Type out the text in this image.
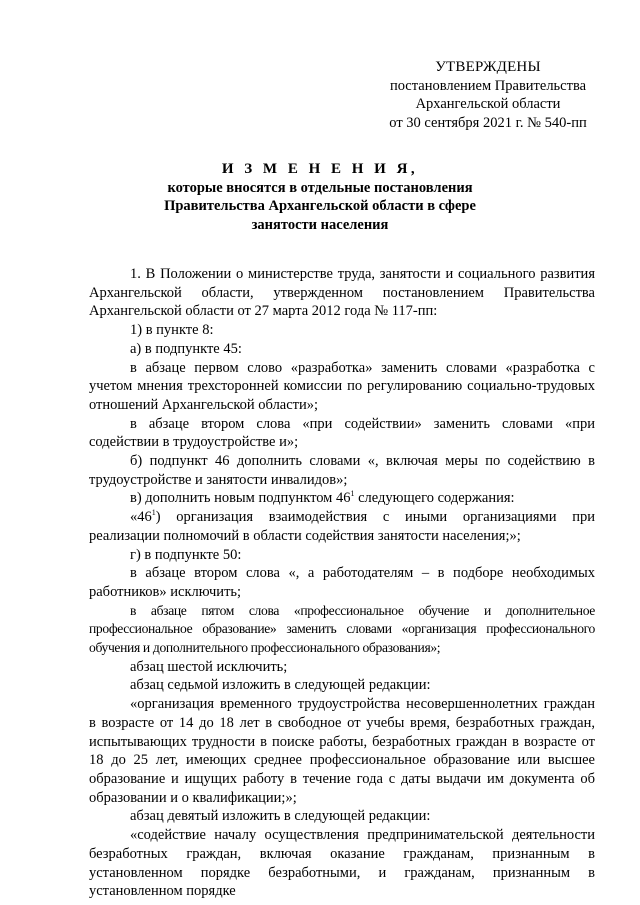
УТВЕРЖДЕНЫ
постановлением Правительства
Архангельской области
от 30 сентября 2021 г. № 540-пп
И З М Е Н Е Н И Я,
которые вносятся в отдельные постановления
Правительства Архангельской области в сфере
занятости населения

1. В Положении о министерстве труда, занятости и социального развития Архангельской области, утвержденном постановлением Правительства Архангельской области от 27 марта 2012 года № 117-пп:

1) в пункте 8:

а) в подпункте 45:

в абзаце первом слово «разработка» заменить словами «разработка с учетом мнения трехсторонней комиссии по регулированию социально-трудовых отношений Архангельской области»;

в абзаце втором слова «при содействии» заменить словами «при содействии в трудоустройстве и»;

б) подпункт 46 дополнить словами «, включая меры по содействию в трудоустройстве и занятости инвалидов»;

в) дополнить новым подпунктом $46^1$ следующего содержания:

«$46^1$) организация взаимодействия с иными организациями при реализации полномочий в области содействия занятости населения;»;

г) в подпункте 50:

в абзаце втором слова «, а работодателям – в подборе необходимых работников» исключить;

в абзаце пятом слова «профессиональное обучение и дополнительное профессиональное образование» заменить словами «организация профессионального обучения и дополнительного профессионального образования»;

абзац шестой исключить;

абзац седьмой изложить в следующей редакции:

«организация временного трудоустройства несовершеннолетних граждан в возрасте от 14 до 18 лет в свободное от учебы время, безработных граждан, испытывающих трудности в поиске работы, безработных граждан в возрасте от 18 до 25 лет, имеющих среднее профессиональное образование или высшее образование и ищущих работу в течение года с даты выдачи им документа об образовании и о квалификации;»;

абзац девятый изложить в следующей редакции:

«содействие началу осуществления предпринимательской деятельности безработных граждан, включая оказание гражданам, признанным в установленном порядке безработными, и гражданам, признанным в установленном порядке
